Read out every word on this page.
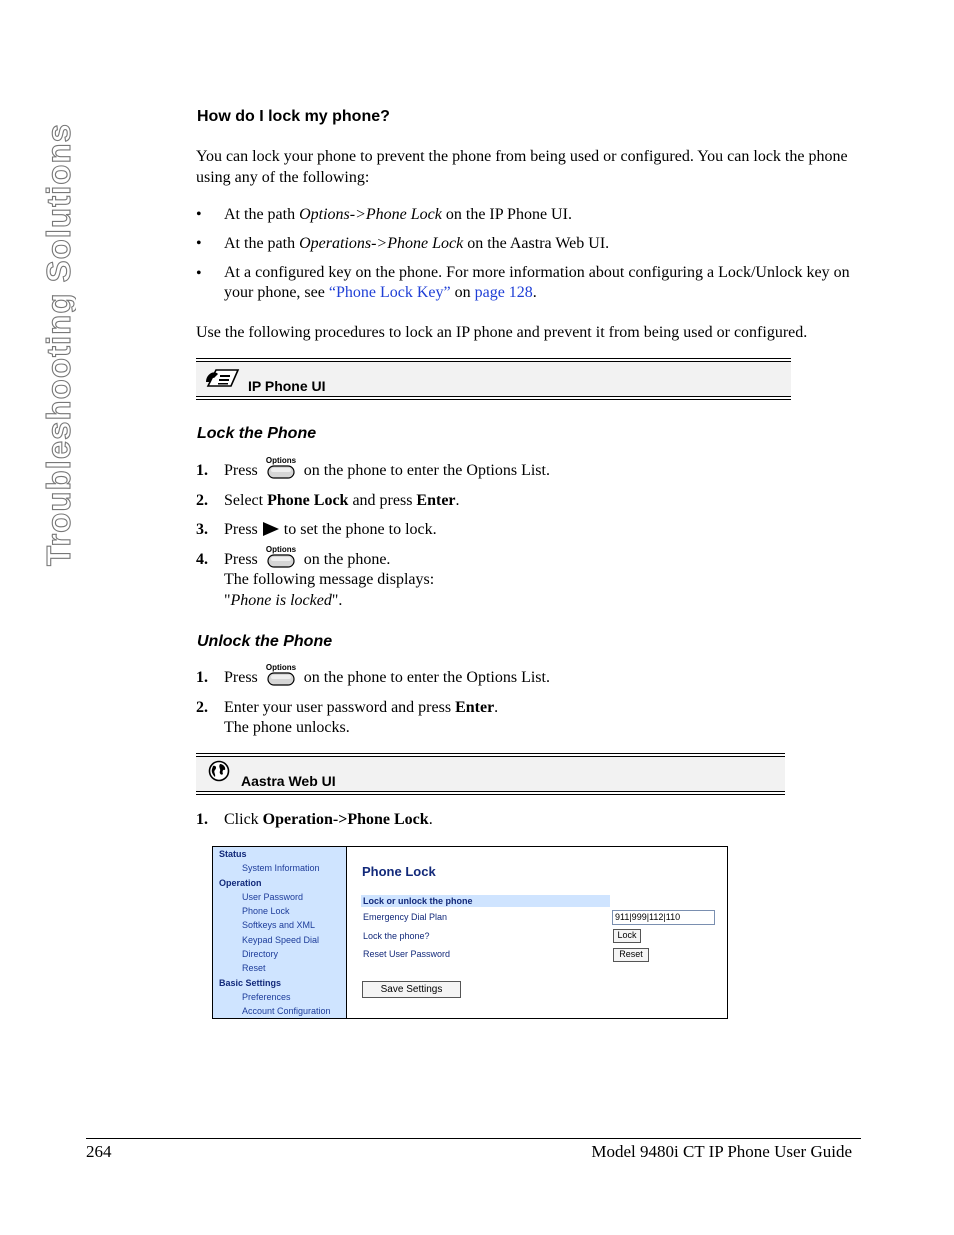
Troubleshooting Solutions
How do I lock my phone?
You can lock your phone to prevent the phone from being used or configured. You can lock the phone using any of the following:
• At the path Options->Phone Lock on the IP Phone UI.
• At the path Operations->Phone Lock on the Aastra Web UI.
• At a configured key on the phone. For more information about configuring a Lock/Unlock key on your phone, see “Phone Lock Key” on page 128.
Use the following procedures to lock an IP phone and prevent it from being used or configured.
IP Phone UI
Lock the Phone
1. Press
Options
on the phone to enter the Options List.
2. Select Phone Lock and press Enter.
3. Press to set the phone to lock.
4. Press
Options
on the phone.
The following message displays:
"Phone is locked".
Unlock the Phone
1. Press
Options
on the phone to enter the Options List.
2. Enter your user password and press Enter.
The phone unlocks.
Aastra Web UI
1. Click Operation->Phone Lock.
Status
System Information
Operation
User Password
Phone Lock
Softkeys and XML
Keypad Speed Dial
Directory
Reset
Basic Settings
Preferences
Account Configuration
Phone Lock
Lock or unlock the phone
Emergency Dial Plan	911|999|112|110
Lock the phone?	Lock
Reset User Password	Reset
Save Settings
264	Model 9480i CT IP Phone User Guide
